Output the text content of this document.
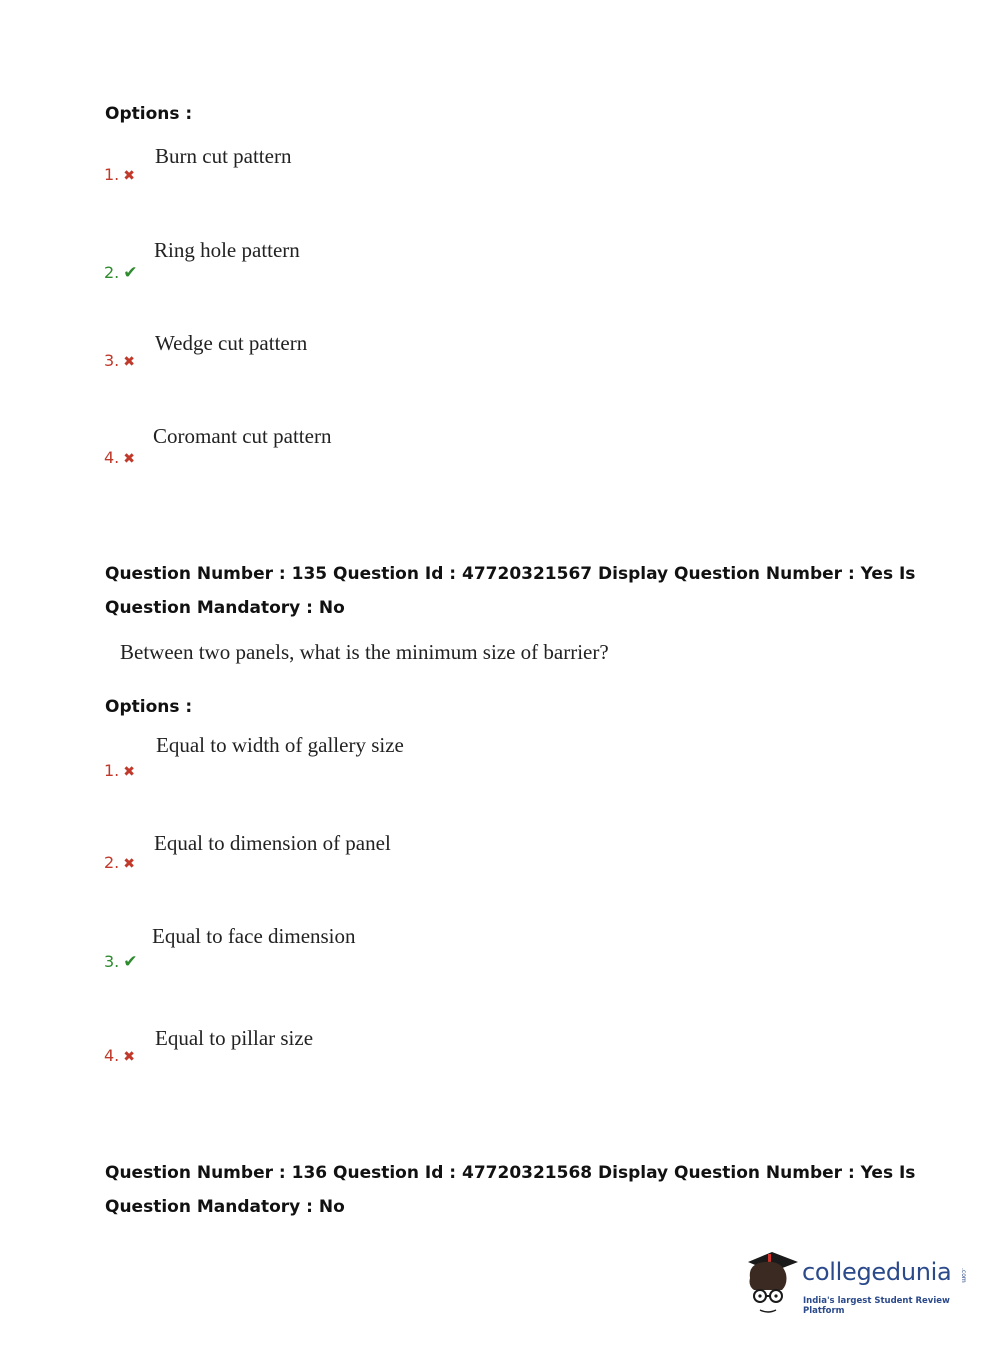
Options :
Burn cut pattern
1. ✖
Ring hole pattern
2. ✔
Wedge cut pattern
3. ✖
Coromant cut pattern
4. ✖
Question Number : 135 Question Id : 47720321567 Display Question Number : Yes Is Question Mandatory : No
Between two panels, what is the minimum size of barrier?
Options :
Equal to width of gallery size
1. ✖
Equal to dimension of panel
2. ✖
Equal to face dimension
3. ✔
Equal to pillar size
4. ✖
Question Number : 136 Question Id : 47720321568 Display Question Number : Yes Is Question Mandatory : No
collegedunia .com
India's largest Student Review Platform
